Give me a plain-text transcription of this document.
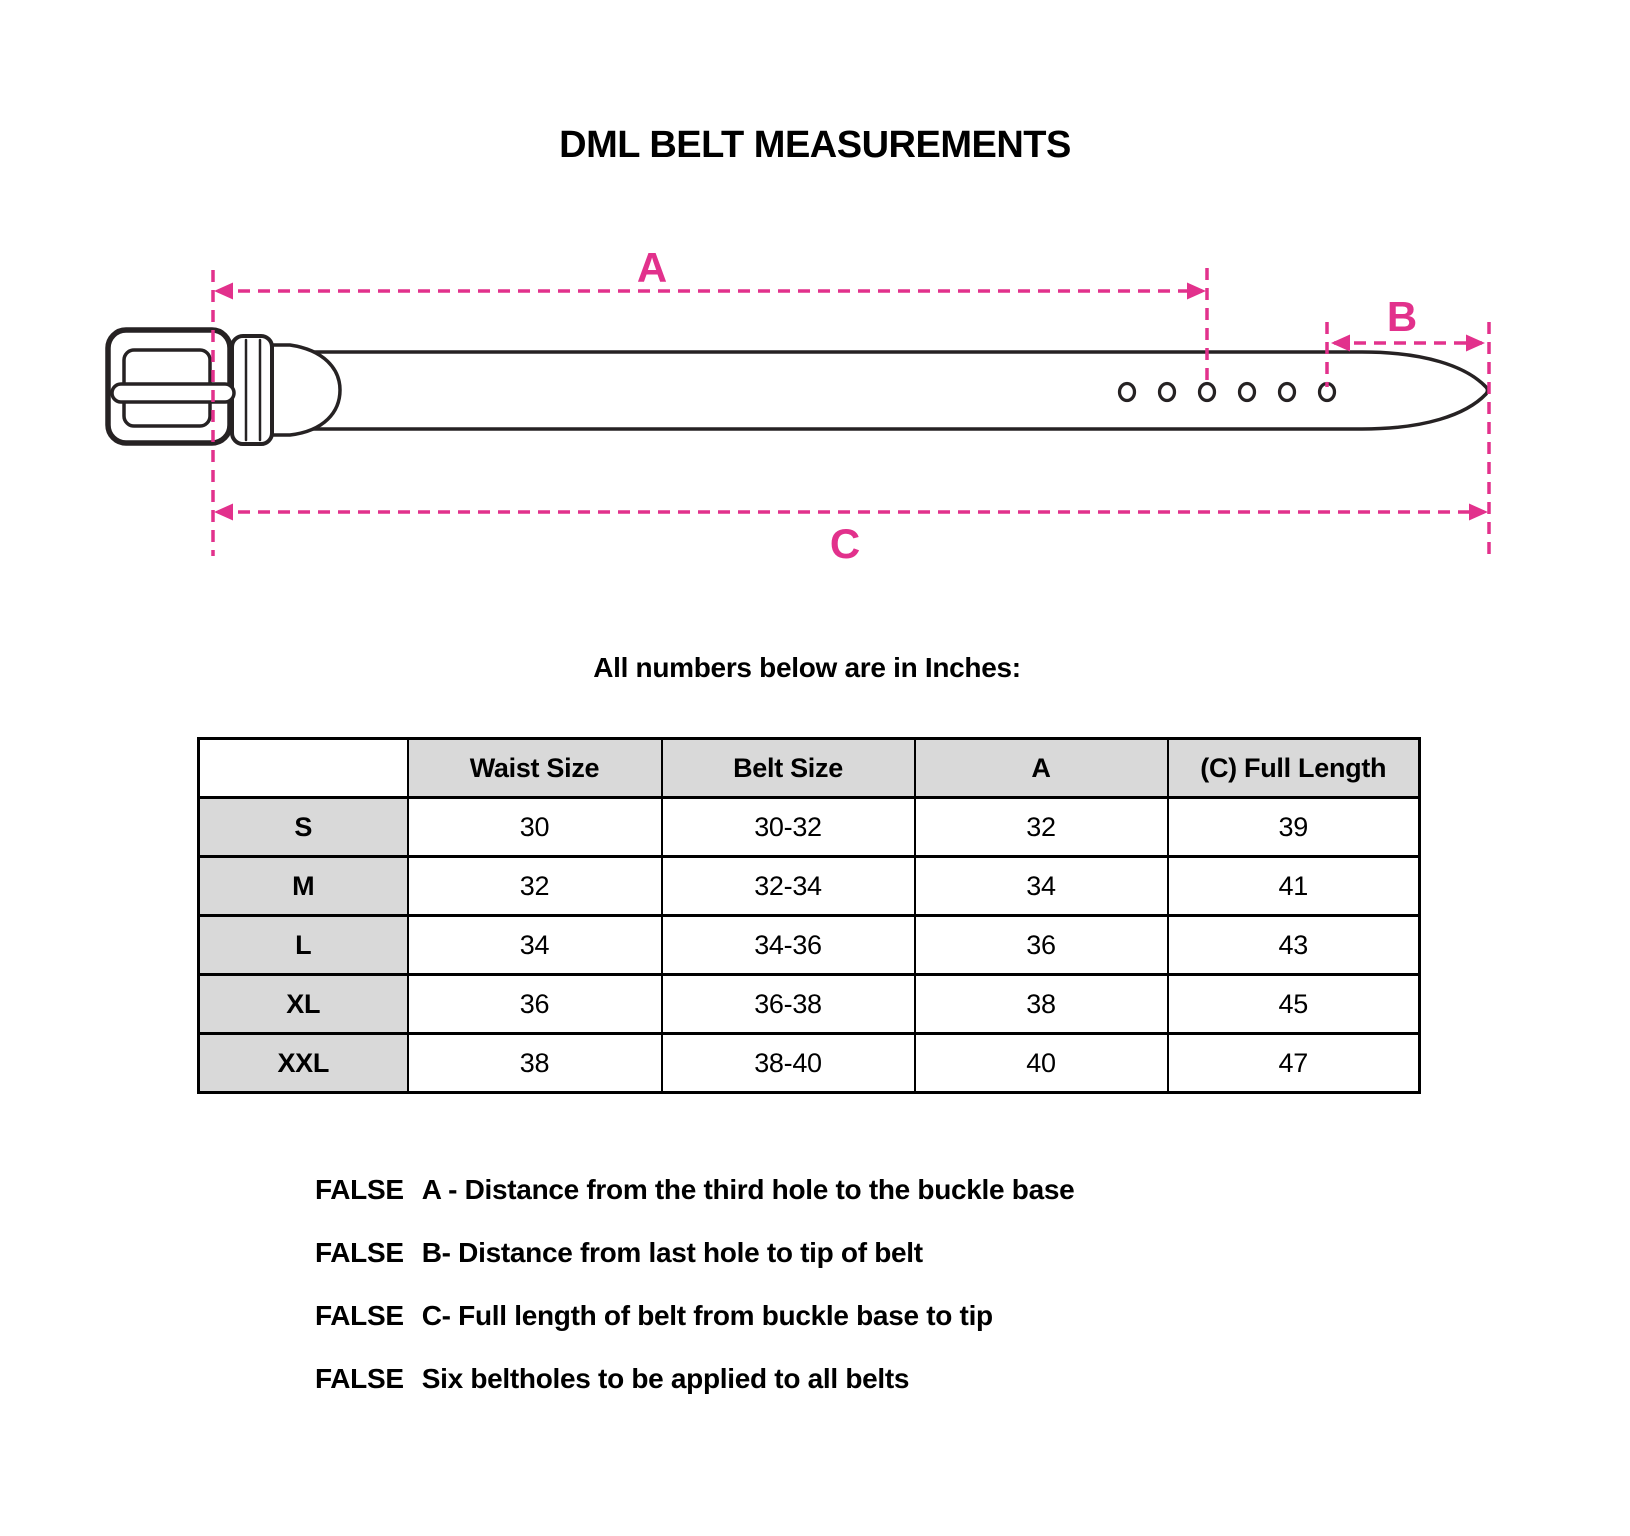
DML BELT MEASUREMENTS
A
B
C
All numbers below are in Inches:
	Waist Size	Belt Size	A	(C) Full Length
S	30	30-32	32	39
M	32	32-34	34	41
L	34	34-36	36	43
XL	36	36-38	38	45
XXL	38	38-40	40	47
FALSE A - Distance from the third hole to the buckle base
FALSE B- Distance from last hole to tip of belt
FALSE C- Full length of belt from buckle base to tip
FALSE Six beltholes to be applied to all belts
